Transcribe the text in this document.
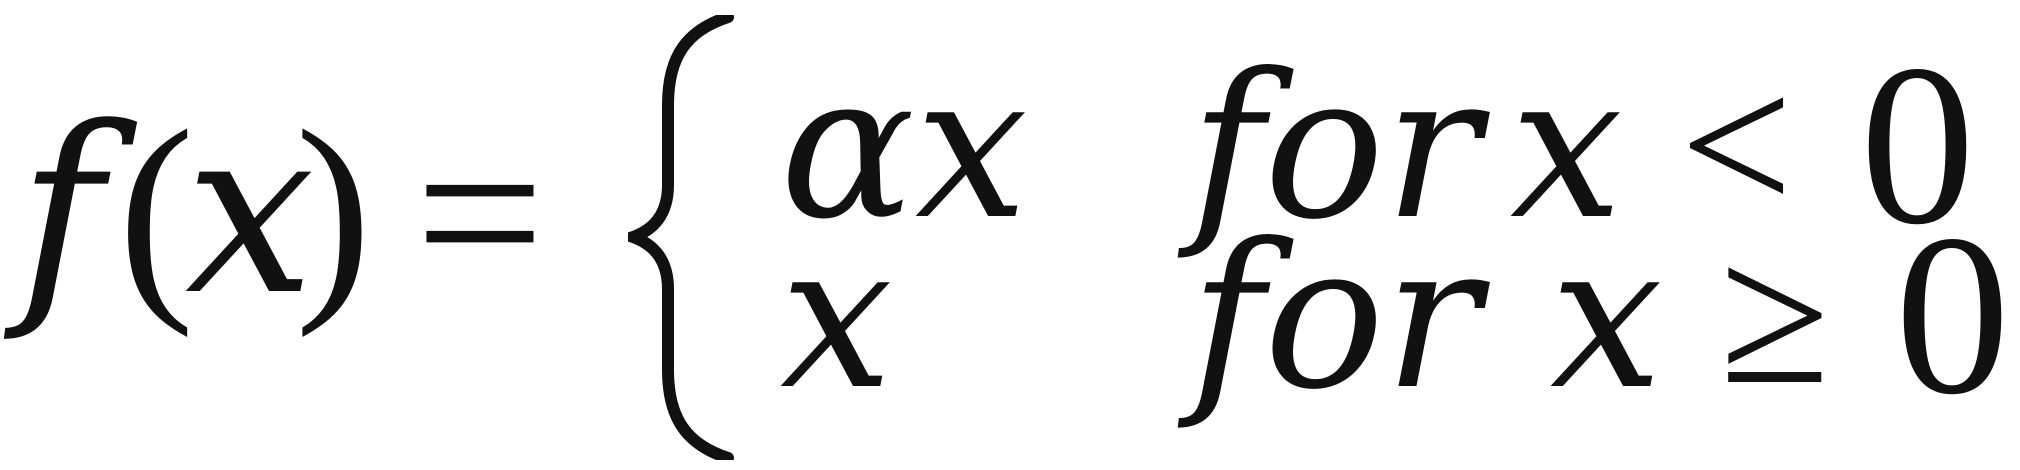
f (
x
) = αx for x < 0
x for x ≥ 0
